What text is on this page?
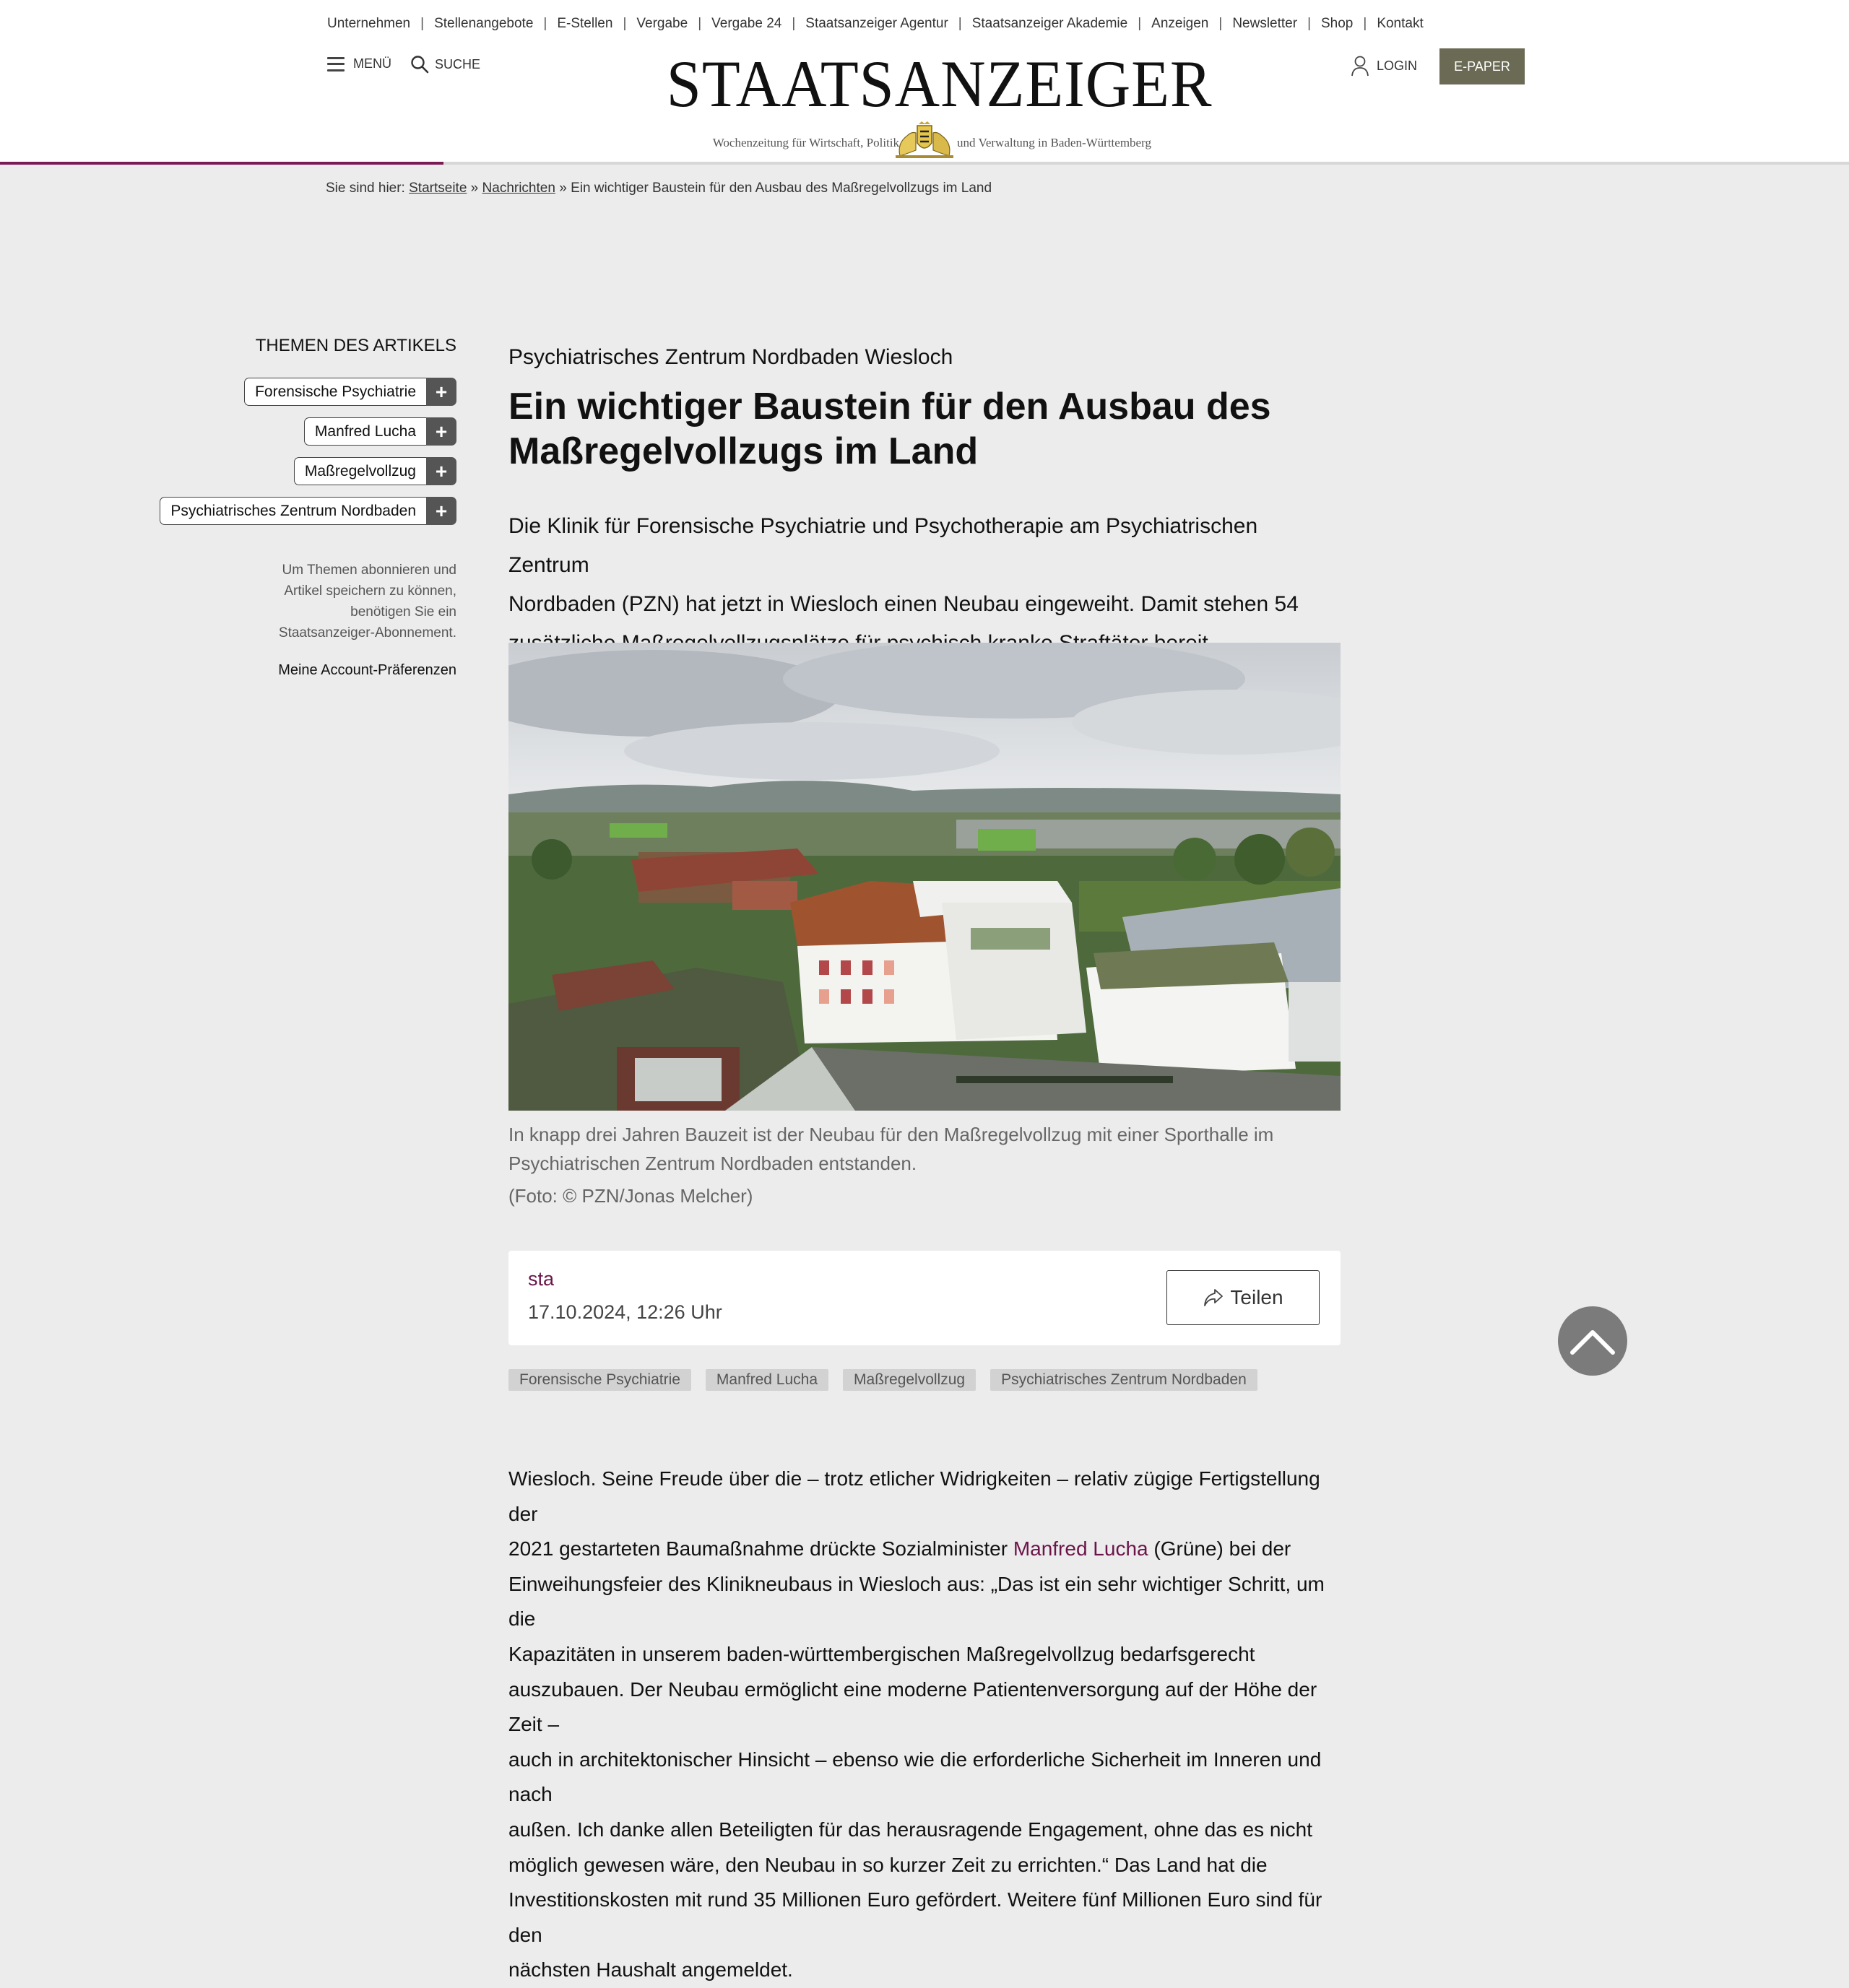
Unternehmen | Stellenangebote | E-Stellen | Vergabe | Vergabe 24 | Staatsanzeiger Agentur | Staatsanzeiger Akademie | Anzeigen | Newsletter | Shop | Kontakt
MENÜ	SUCHE	STAATSANZEIGER
Wochenzeitung für Wirtschaft, Politik	und Verwaltung in Baden-Württemberg
LOGIN	E-PAPER
Sie sind hier: Startseite » Nachrichten » Ein wichtiger Baustein für den Ausbau des Maßregelvollzugs im Land
THEMEN DES ARTIKELS
Forensische Psychiatrie +
Manfred Lucha +
Maßregelvollzug +
Psychiatrisches Zentrum Nordbaden +
Um Themen abonnieren und
Artikel speichern zu können,
benötigen Sie ein
Staatsanzeiger-Abonnement.
Meine Account-Präferenzen
Psychiatrisches Zentrum Nordbaden Wiesloch
Ein wichtiger Baustein für den Ausbau des
Maßregelvollzugs im Land
Die Klinik für Forensische Psychiatrie und Psychotherapie am Psychiatrischen Zentrum
Nordbaden (PZN) hat jetzt in Wiesloch einen Neubau eingeweiht. Damit stehen 54
In knapp drei Jahren Bauzeit ist der Neubau für den Maßregelvollzug mit einer Sporthalle im
Psychiatrischen Zentrum Nordbaden entstanden.
(Foto: © PZN/Jonas Melcher)
sta
17.10.2024, 12:26 Uhr
Teilen
Forensische Psychiatrie	Manfred Lucha	Maßregelvollzug	Psychiatrisches Zentrum Nordbaden
Wiesloch. Seine Freude über die – trotz etlicher Widrigkeiten – relativ zügige Fertigstellung der
2021 gestarteten Baumaßnahme drückte Sozialminister Manfred Lucha (Grüne) bei der
Einweihungsfeier des Klinikneubaus in Wiesloch aus: „Das ist ein sehr wichtiger Schritt, um die
Kapazitäten in unserem baden-württembergischen Maßregelvollzug bedarfsgerecht
auszubauen. Der Neubau ermöglicht eine moderne Patientenversorgung auf der Höhe der Zeit –
auch in architektonischer Hinsicht – ebenso wie die erforderliche Sicherheit im Inneren und nach
außen. Ich danke allen Beteiligten für das herausragende Engagement, ohne das es nicht
möglich gewesen wäre, den Neubau in so kurzer Zeit zu errichten.“ Das Land hat die
Investitionskosten mit rund 35 Millionen Euro gefördert. Weitere fünf Millionen Euro sind für den
nächsten Haushalt angemeldet.
